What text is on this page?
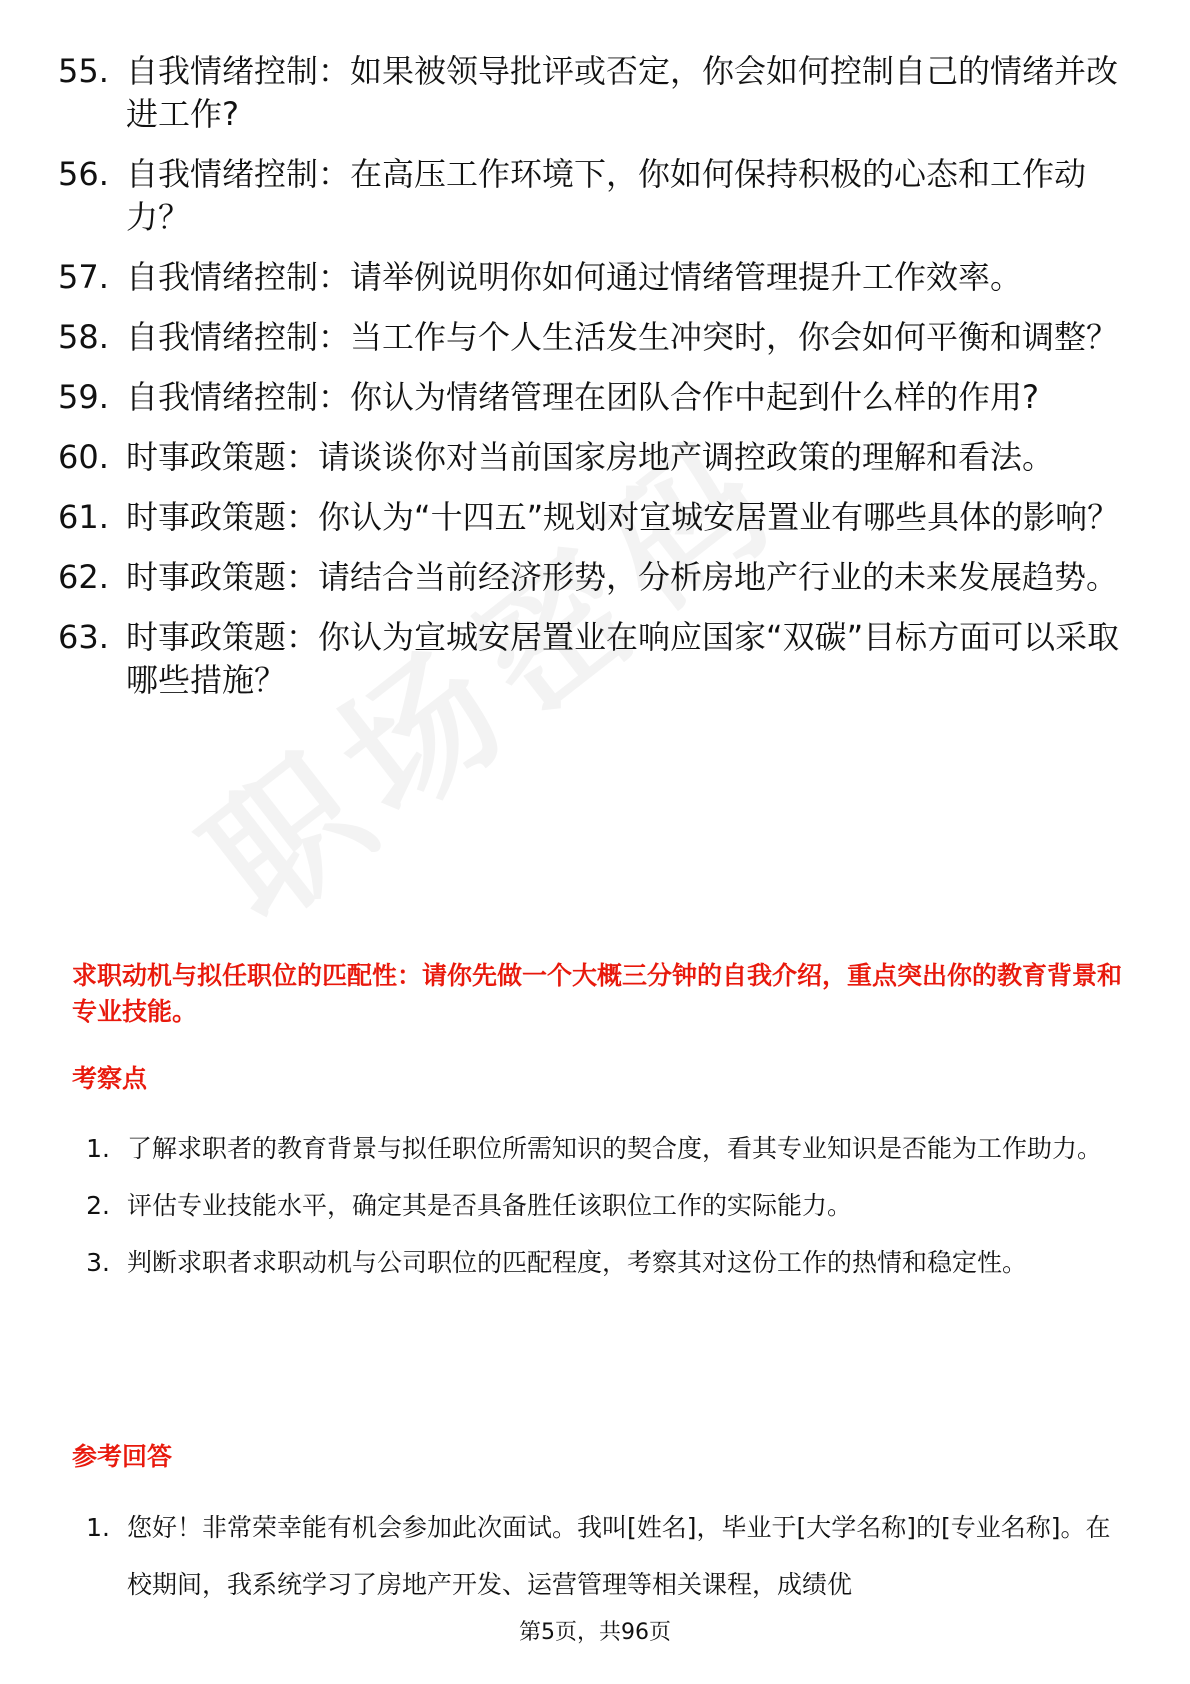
55. 自我情绪控制：如果被领导批评或否定，你会如何控制自己的情绪并改进工作?
56. 自我情绪控制：在高压工作环境下，你如何保持积极的心态和工作动力？
57. 自我情绪控制：请举例说明你如何通过情绪管理提升工作效率。
58. 自我情绪控制：当工作与个人生活发生冲突时，你会如何平衡和调整？
59. 自我情绪控制：你认为情绪管理在团队合作中起到什么样的作用?
60. 时事政策题：请谈谈你对当前国家房地产调控政策的理解和看法。
61. 时事政策题：你认为“十四五”规划对宣城安居置业有哪些具体的影响？
62. 时事政策题：请结合当前经济形势，分析房地产行业的未来发展趋势。
63. 时事政策题：你认为宣城安居置业在响应国家“双碳”目标方面可以采取哪些措施？
求职动机与拟任职位的匹配性：请你先做一个大概三分钟的自我介绍，重点突出你的教育背景和专业技能。
考察点
1. 了解求职者的教育背景与拟任职位所需知识的契合度，看其专业知识是否能为工作助力。
2. 评估专业技能水平，确定其是否具备胜任该职位工作的实际能力。
3. 判断求职者求职动机与公司职位的匹配程度，考察其对这份工作的热情和稳定性。
参考回答
1. 您好！非常荣幸能有机会参加此次面试。我叫[姓名]，毕业于[大学名称]的[专业名称]。在校期间，我系统学习了房地产开发、运营管理等相关课程，成绩优
第5页，共96页
